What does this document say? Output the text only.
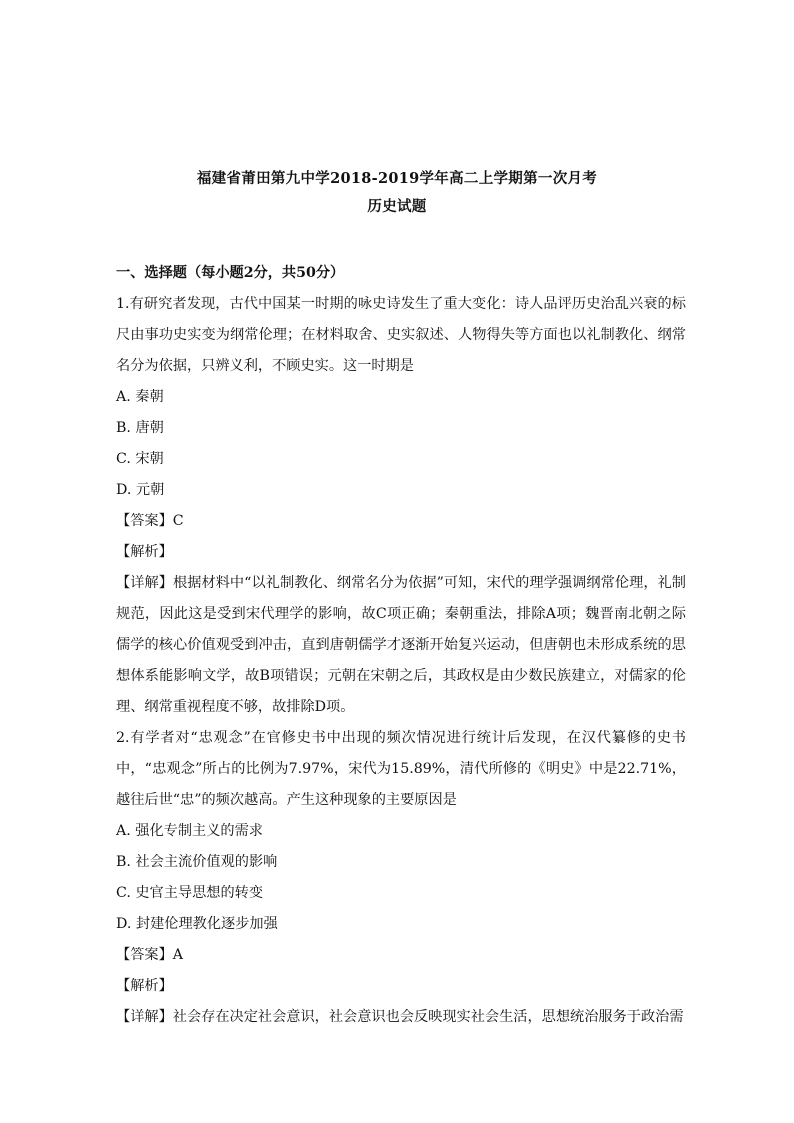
福建省莆田第九中学2018-2019学年高二上学期第一次月考
历史试题

一、选择题（每小题2分，共50分）

1.有研究者发现，古代中国某一时期的咏史诗发生了重大变化：诗人品评历史治乱兴衰的标尺由事功史实变为纲常伦理；在材料取舍、史实叙述、人物得失等方面也以礼制教化、纲常名分为依据，只辨义利，不顾史实。这一时期是

A. 秦朝

B. 唐朝

C. 宋朝

D. 元朝

【答案】C

【解析】

【详解】根据材料中“以礼制教化、纲常名分为依据”可知，宋代的理学强调纲常伦理，礼制规范，因此这是受到宋代理学的影响，故C项正确；秦朝重法，排除A项；魏晋南北朝之际儒学的核心价值观受到冲击，直到唐朝儒学才逐渐开始复兴运动，但唐朝也未形成系统的思想体系能影响文学，故B项错误；元朝在宋朝之后，其政权是由少数民族建立，对儒家的伦理、纲常重视程度不够，故排除D项。

2.有学者对“忠观念”在官修史书中出现的频次情况进行统计后发现，在汉代纂修的史书中，“忠观念”所占的比例为7.97%，宋代为15.89%，清代所修的《明史》中是22.71%，越往后世“忠”的频次越高。产生这种现象的主要原因是

A. 强化专制主义的需求

B. 社会主流价值观的影响

C. 史官主导思想的转变

D. 封建伦理教化逐步加强

【答案】A

【解析】

【详解】社会存在决定社会意识，社会意识也会反映现实社会生活，思想统治服务于政治需
